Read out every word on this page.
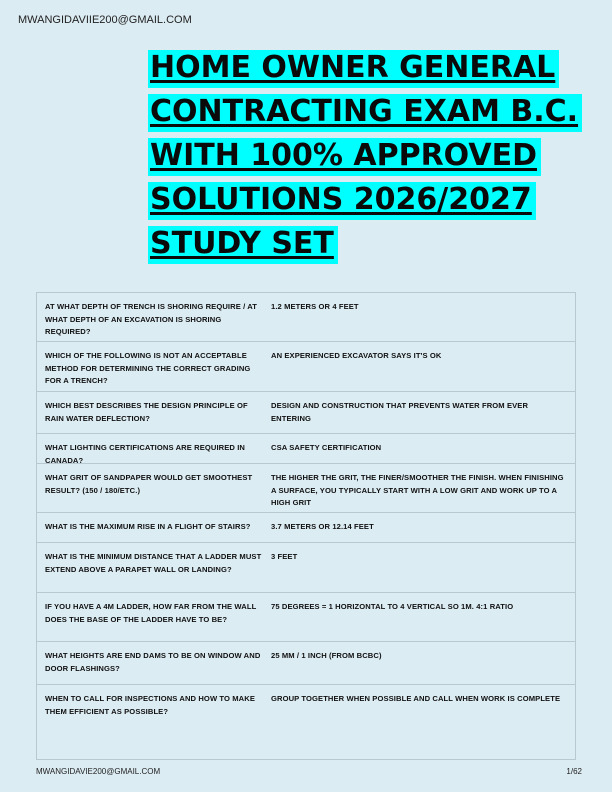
MWANGIDAVIIE200@GMAIL.COM
HOME OWNER GENERAL
CONTRACTING EXAM B.C.
WITH 100% APPROVED
SOLUTIONS 2026/2027
STUDY SET
AT WHAT DEPTH OF TRENCH IS SHORING REQUIRE / AT WHAT DEPTH OF AN EXCAVATION IS SHORING REQUIRED?
1.2 METERS OR 4 FEET
WHICH OF THE FOLLOWING IS NOT AN ACCEPTABLE METHOD FOR DETERMINING THE CORRECT GRADING FOR A TRENCH?
AN EXPERIENCED EXCAVATOR SAYS IT'S OK
WHICH BEST DESCRIBES THE DESIGN PRINCIPLE OF RAIN WATER DEFLECTION?
DESIGN AND CONSTRUCTION THAT PREVENTS WATER FROM EVER ENTERING
WHAT LIGHTING CERTIFICATIONS ARE REQUIRED IN CANADA?
CSA SAFETY CERTIFICATION
WHAT GRIT OF SANDPAPER WOULD GET SMOOTHEST RESULT? (150 / 180/ETC.)
THE HIGHER THE GRIT, THE FINER/SMOOTHER THE FINISH. WHEN FINISHING A SURFACE, YOU TYPICALLY START WITH A LOW GRIT AND WORK UP TO A HIGH GRIT
WHAT IS THE MAXIMUM RISE IN A FLIGHT OF STAIRS?	3.7 METERS OR 12.14 FEET
WHAT IS THE MINIMUM DISTANCE THAT A LADDER MUST EXTEND ABOVE A PARAPET WALL OR LANDING?
3 FEET
IF YOU HAVE A 4M LADDER, HOW FAR FROM THE WALL DOES THE BASE OF THE LADDER HAVE TO BE?
75 DEGREES = 1 HORIZONTAL TO 4 VERTICAL SO 1M. 4:1 RATIO
WHAT HEIGHTS ARE END DAMS TO BE ON WINDOW AND DOOR FLASHINGS?
25 MM / 1 INCH (FROM BCBC)
WHEN TO CALL FOR INSPECTIONS AND HOW TO MAKE THEM EFFICIENT AS POSSIBLE?
GROUP TOGETHER WHEN POSSIBLE AND CALL WHEN WORK IS COMPLETE
MWANGIDAVIE200@GMAIL.COM	1/62
